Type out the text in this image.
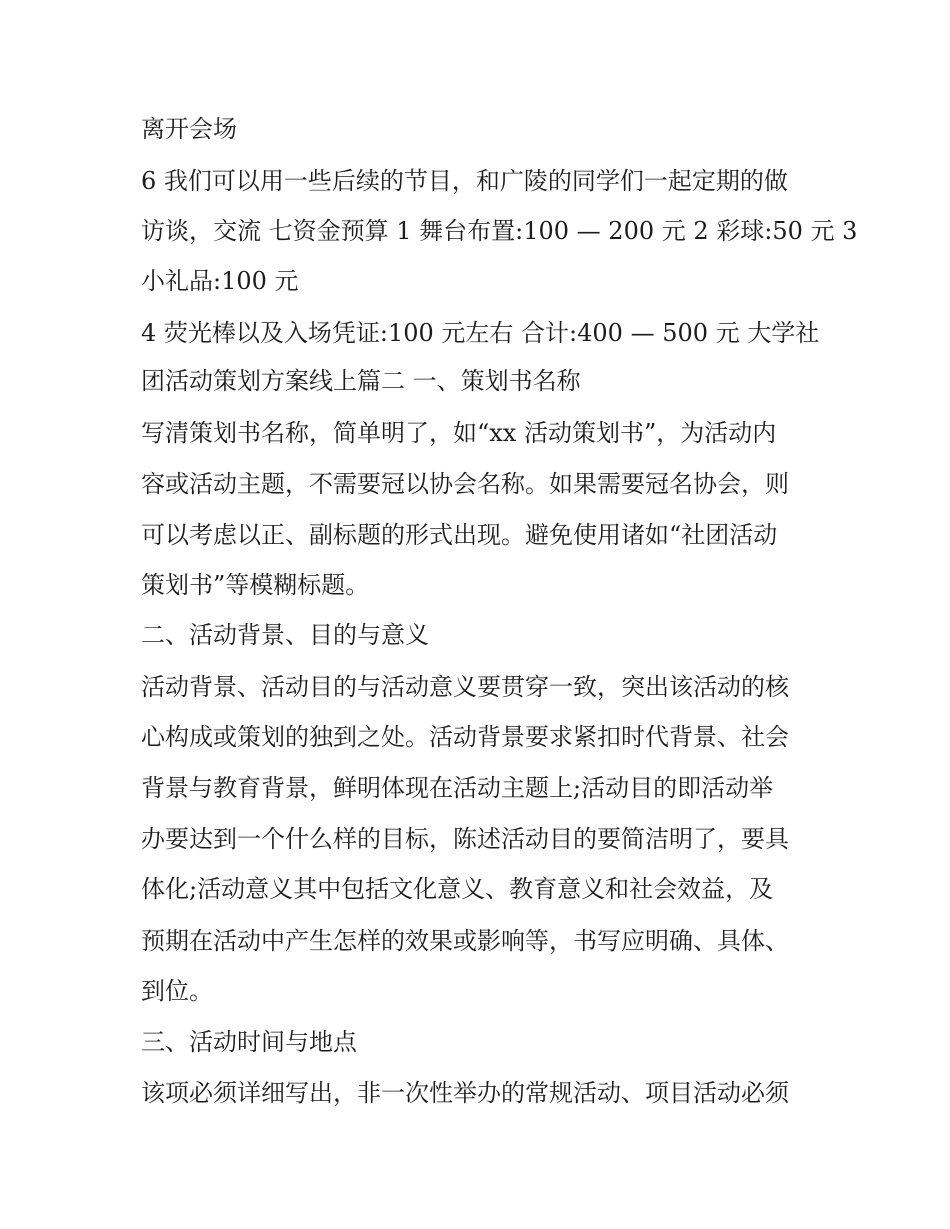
离开会场

6 我们可以用一些后续的节目，和广陵的同学们一起定期的做

访谈，交流 七资金预算 1 舞台布置:100 — 200 元 2 彩球:50 元 3

小礼品:100 元

4 荧光棒以及入场凭证:100 元左右 合计:400 — 500 元 大学社

团活动策划方案线上篇二 一、策划书名称

写清策划书名称，简单明了，如“xx 活动策划书”，为活动内

容或活动主题，不需要冠以协会名称。如果需要冠名协会，则

可以考虑以正、副标题的形式出现。避免使用诸如“社团活动

策划书”等模糊标题。

二、活动背景、目的与意义

活动背景、活动目的与活动意义要贯穿一致，突出该活动的核

心构成或策划的独到之处。活动背景要求紧扣时代背景、社会

背景与教育背景，鲜明体现在活动主题上;活动目的即活动举

办要达到一个什么样的目标，陈述活动目的要简洁明了，要具

体化;活动意义其中包括文化意义、教育意义和社会效益，及

预期在活动中产生怎样的效果或影响等，书写应明确、具体、

到位。

三、活动时间与地点

该项必须详细写出，非一次性举办的常规活动、项目活动必须
